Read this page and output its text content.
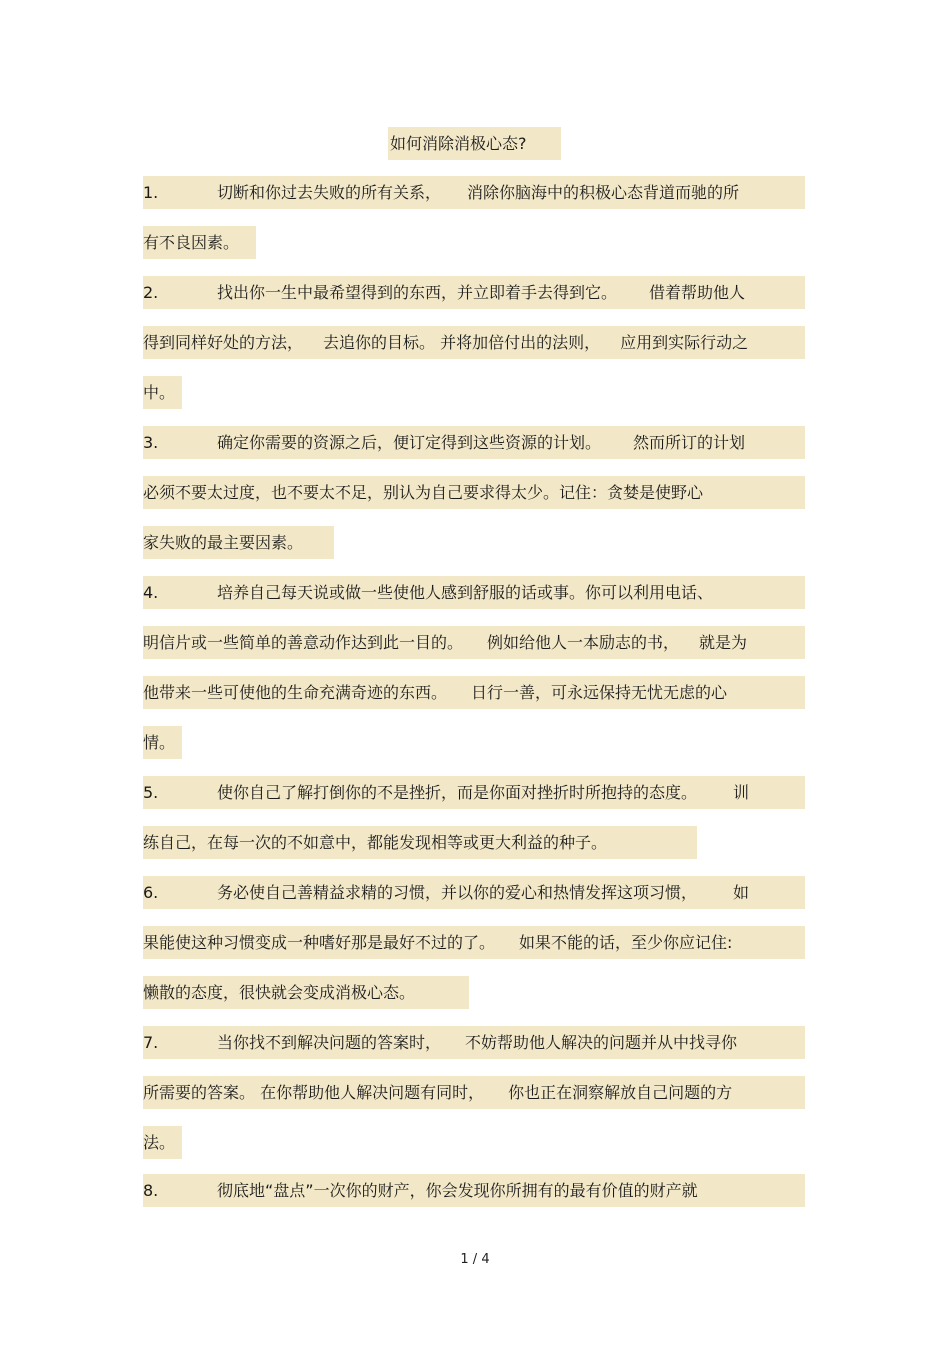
如何消除消极心态?
1.	切断和你过去失败的所有关系， 消除你脑海中的积极心态背道而驰的所
有不良因素。
2.	找出你一生中最希望得到的东西，并立即着手去得到它。 借着帮助他人
得到同样好处的方法， 去追你的目标。 并将加倍付出的法则， 应用到实际行动之
中。
3.	确定你需要的资源之后，便订定得到这些资源的计划。 然而所订的计划
必须不要太过度，也不要太不足，别认为自己要求得太少。记住：贪婪是使野心
家失败的最主要因素。
4.	培养自己每天说或做一些使他人感到舒服的话或事。你可以利用电话、
明信片或一些简单的善意动作达到此一目的。 例如给他人一本励志的书， 就是为
他带来一些可使他的生命充满奇迹的东西。 日行一善，可永远保持无忧无虑的心
情。
5.	使你自己了解打倒你的不是挫折，而是你面对挫折时所抱持的态度。 训
练自己，在每一次的不如意中，都能发现相等或更大利益的种子。
6.	务必使自己善精益求精的习惯，并以你的爱心和热情发挥这项习惯， 如
果能使这种习惯变成一种嗜好那是最好不过的了。 如果不能的话，至少你应记住:
懒散的态度，很快就会变成消极心态。
7.	当你找不到解决问题的答案时， 不妨帮助他人解决的问题并从中找寻你
所需要的答案。 在你帮助他人解决问题有同时， 你也正在洞察解放自己问题的方
法。
8.	彻底地“盘点”一次你的财产，你会发现你所拥有的最有价值的财产就
1 / 4
